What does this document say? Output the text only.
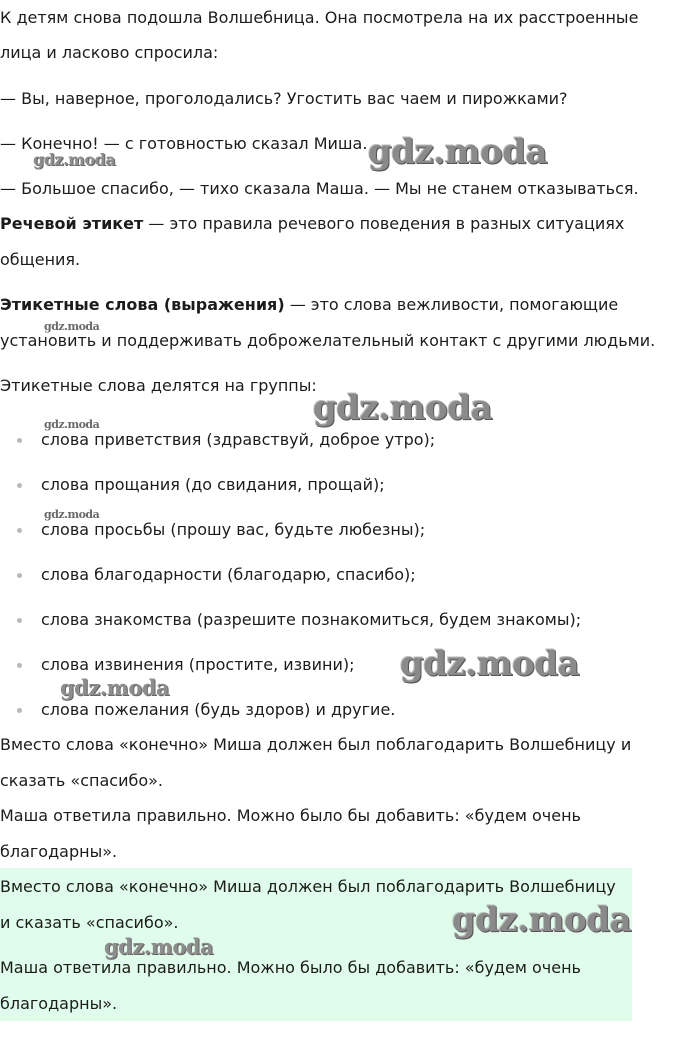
К детям снова подошла Волшебница. Она посмотрела на их расстроенные

лица и ласково спросила:

— Вы, наверное, проголодались? Угостить вас чаем и пирожками?

— Конечно! — с готовностью сказал Миша.

— Большое спасибо, — тихо сказала Маша. — Мы не станем отказываться.

Речевой этикет — это правила речевого поведения в разных ситуациях

общения.

Этикетные слова (выражения) — это слова вежливости, помогающие

установить и поддерживать доброжелательный контакт с другими людьми.

Этикетные слова делятся на группы:

слова приветствия (здравствуй, доброе утро);
слова прощания (до свидания, прощай);
слова просьбы (прошу вас, будьте любезны);
слова благодарности (благодарю, спасибо);
слова знакомства (разрешите познакомиться, будем знакомы);
слова извинения (простите, извини);
слова пожелания (будь здоров) и другие.

Вместо слова «конечно» Миша должен был поблагодарить Волшебницу и

сказать «спасибо».

Маша ответила правильно. Можно было бы добавить: «будем очень

благодарны».

Вместо слова «конечно» Миша должен был поблагодарить Волшебницу

и сказать «спасибо».

Маша ответила правильно. Можно было бы добавить: «будем очень

благодарны».

gdz.moda
gdz.moda
gdz.moda
gdz.moda
gdz.moda
gdz.moda
gdz.moda
gdz.moda
gdz.moda
gdz.moda
